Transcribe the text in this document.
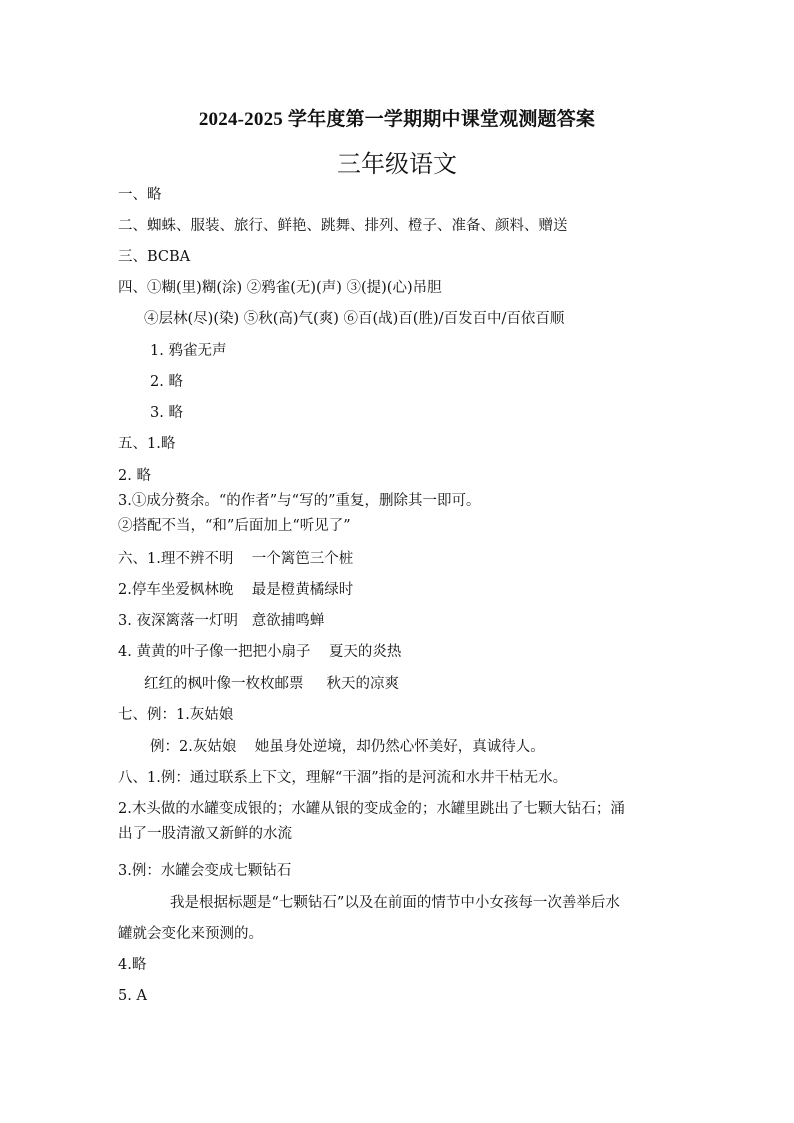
2024-2025 学年度第一学期期中课堂观测题答案
三年级语文
一、略
二、蜘蛛、服装、旅行、鲜艳、跳舞、排列、橙子、准备、颜料、赠送
三、BCBA
四、①糊(里)糊(涂) ②鸦雀(无)(声) ③(提)(心)吊胆
④层林(尽)(染) ⑤秋(高)气(爽) ⑥百(战)百(胜)/百发百中/百依百顺
1. 鸦雀无声
2. 略
3. 略
五、1.略
2. 略
3.①成分赘余。“的作者”与“写的”重复，删除其一即可。
②搭配不当，“和”后面加上“听见了”
六、1.理不辨不明    一个篱笆三个桩
2.停车坐爱枫林晚    最是橙黄橘绿时
3. 夜深篱落一灯明   意欲捕鸣蝉
4. 黄黄的叶子像一把把小扇子    夏天的炎热
红红的枫叶像一枚枚邮票     秋天的凉爽
七、例：1.灰姑娘
例：2.灰姑娘    她虽身处逆境，却仍然心怀美好，真诚待人。
八、1.例：通过联系上下文，理解“干涸”指的是河流和水井干枯无水。
2.木头做的水罐变成银的；水罐从银的变成金的；水罐里跳出了七颗大钻石；涌
出了一股清澈又新鲜的水流
3.例：水罐会变成七颗钻石
我是根据标题是“七颗钻石”以及在前面的情节中小女孩每一次善举后水
罐就会变化来预测的。
4.略
5. A
